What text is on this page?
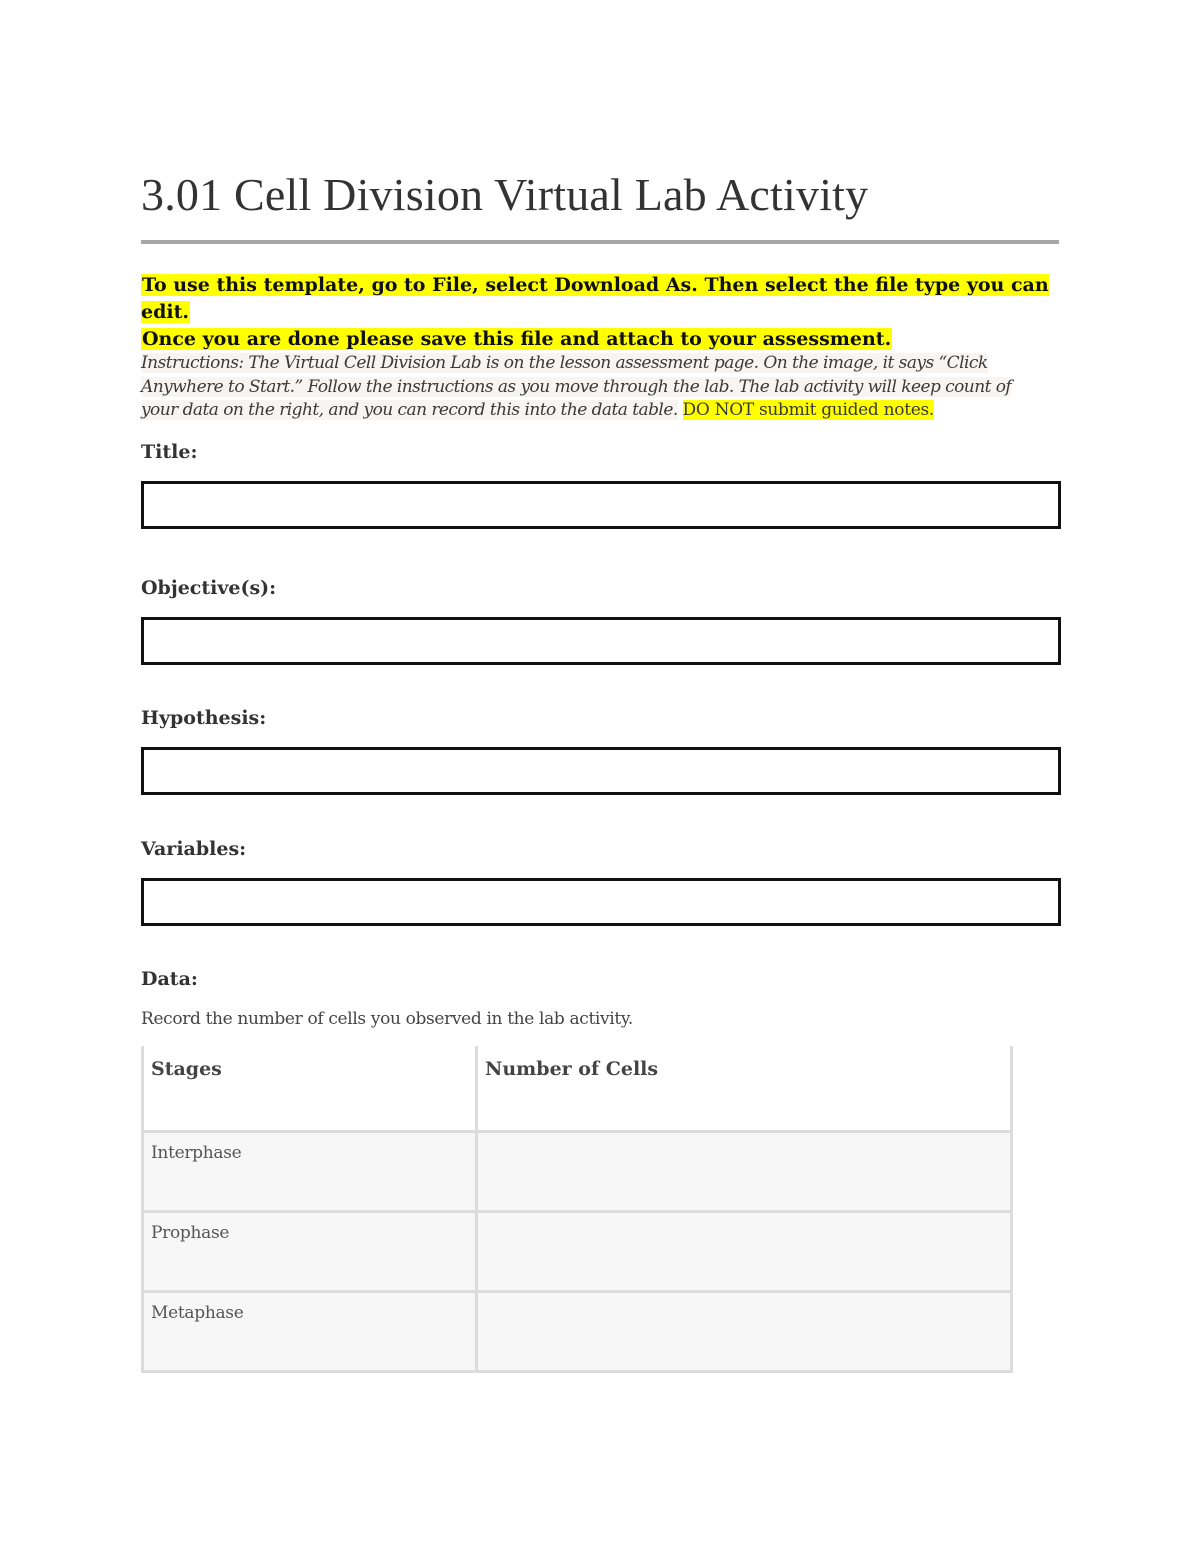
3.01 Cell Division Virtual Lab Activity
To use this template, go to File, select Download As. Then select the file type you can edit.
Once you are done please save this file and attach to your assessment.
Instructions: The Virtual Cell Division Lab is on the lesson assessment page. On the image, it says “Click Anywhere to Start.” Follow the instructions as you move through the lab. The lab activity will keep count of your data on the right, and you can record this into the data table. DO NOT submit guided notes.
Title:
Objective(s):
Hypothesis:
Variables:
Data:
Record the number of cells you observed in the lab activity.
Stages	Number of Cells
Interphase	
Prophase	
Metaphase	
